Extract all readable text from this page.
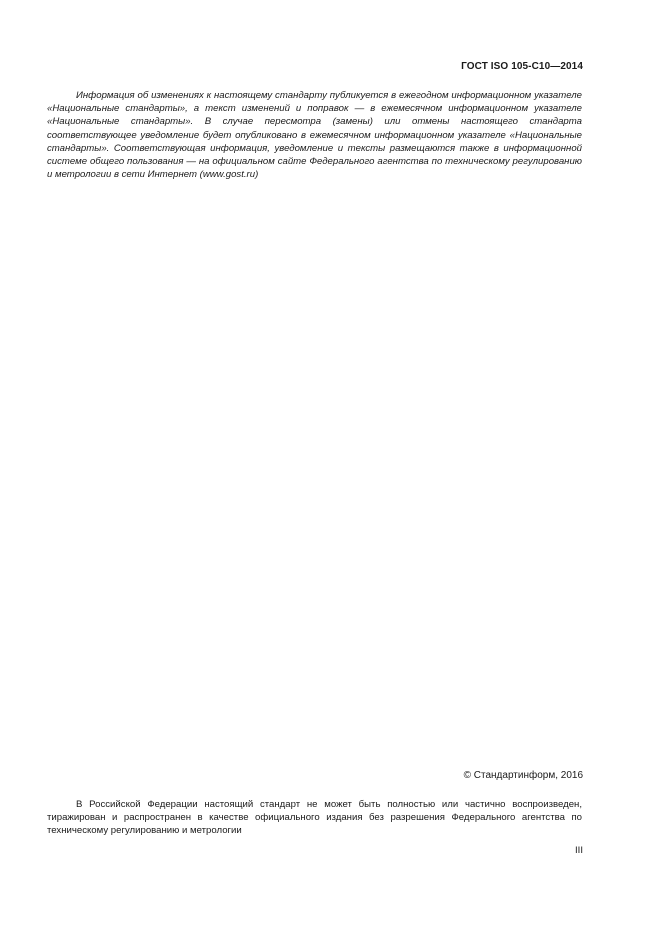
ГОСТ ISO 105-C10—2014

Информация об изменениях к настоящему стандарту публикуется в ежегодном информационном указателе «Национальные стандарты», а текст изменений и поправок — в ежемесячном информационном указателе «Национальные стандарты». В случае пересмотра (замены) или отмены настоящего стандарта соответствующее уведомление будет опубликовано в ежемесячном информационном указателе «Национальные стандарты». Соответствующая информация, уведомление и тексты размещаются также в информационной системе общего пользования — на официальном сайте Федерального агентства по техническому регулированию и метрологии в сети Интернет (www.gost.ru)

© Стандартинформ, 2016

В Российской Федерации настоящий стандарт не может быть полностью или частично воспроизведен, тиражирован и распространен в качестве официального издания без разрешения Федерального агентства по техническому регулированию и метрологии

III
